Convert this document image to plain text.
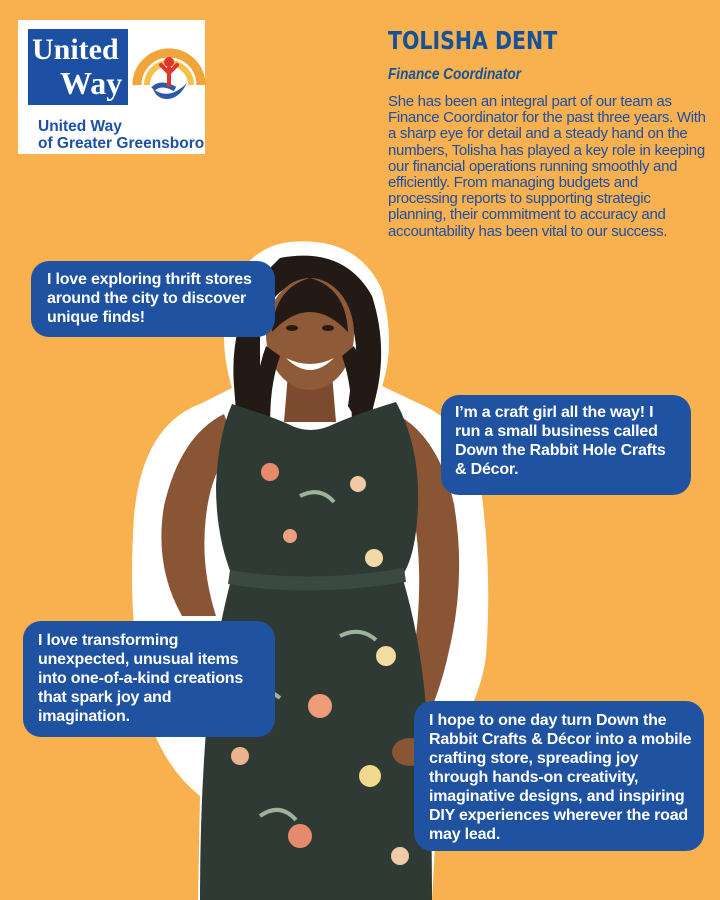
United
Way
United Way
of Greater Greensboro
TOLISHA DENT
Finance Coordinator

She has been an integral part of our team as Finance Coordinator for the past three years. With a sharp eye for detail and a steady hand on the numbers, Tolisha has played a key role in keeping our financial operations running smoothly and efficiently. From managing budgets and processing reports to supporting strategic planning, their commitment to accuracy and accountability has been vital to our success.

I love exploring thrift stores around the city to discover unique finds!
I’m a craft girl all the way! I run a small business called Down the Rabbit Hole Crafts & Décor.
I love transforming unexpected, unusual items into one-of-a-kind creations that spark joy and imagination.	I hope to one day turn Down the Rabbit Crafts & Décor into a mobile crafting store, spreading joy through hands-on creativity, imaginative designs, and inspiring DIY experiences wherever the road may lead.
